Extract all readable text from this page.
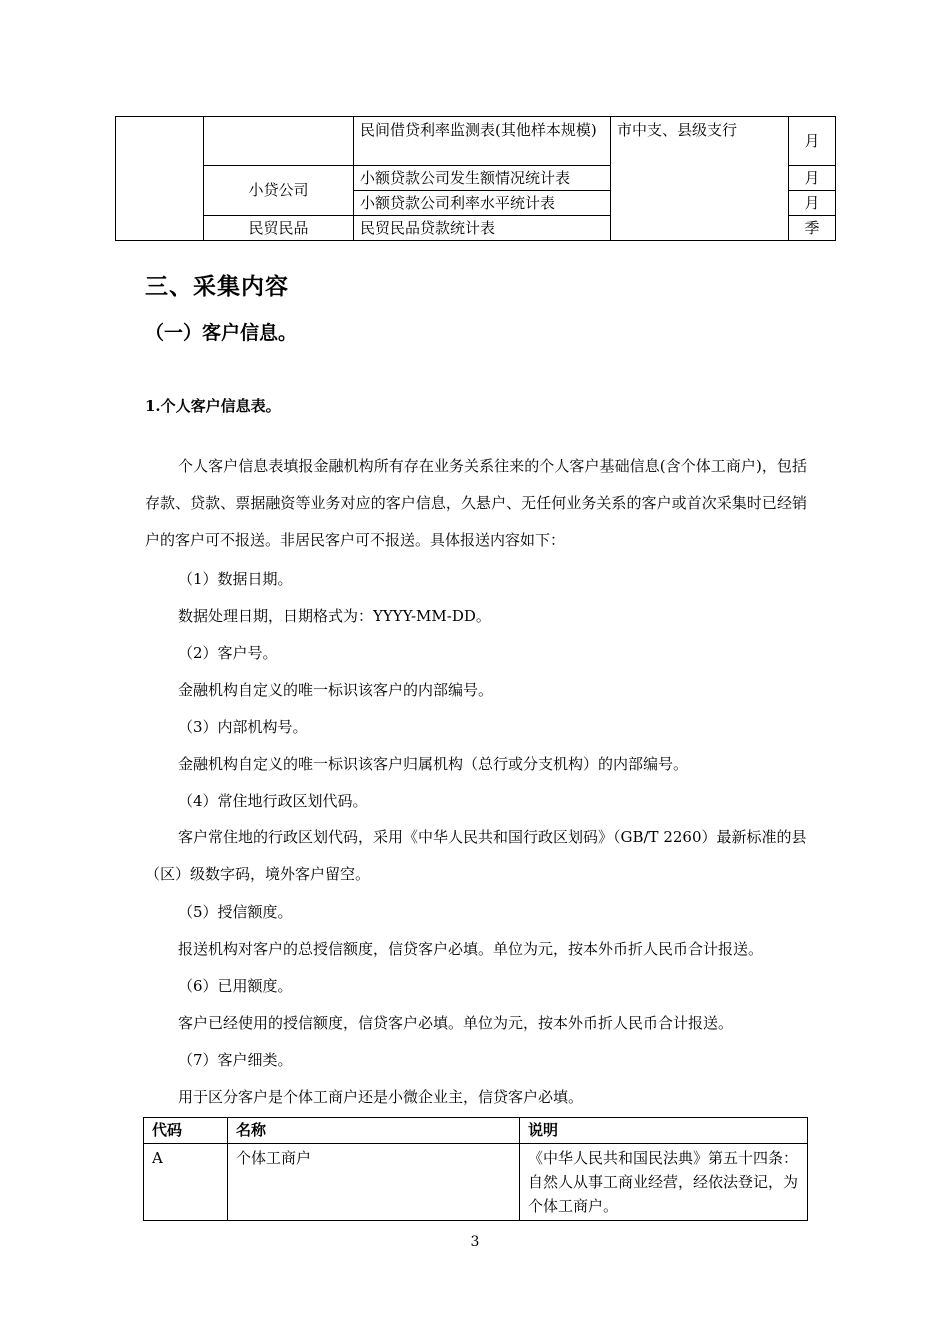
		民间借贷利率监测表(其他样本规模)	市中支、县级支行	月
	小贷公司	小额贷款公司发生额情况统计表		月
		小额贷款公司利率水平统计表		月
	民贸民品	民贸民品贷款统计表		季
三、采集内容
（一）客户信息。
1.个人客户信息表。
个人客户信息表填报金融机构所有存在业务关系往来的个人客户基础信息(含个体工商户)，包括存款、贷款、票据融资等业务对应的客户信息，久悬户、无任何业务关系的客户或首次采集时已经销户的客户可不报送。非居民客户可不报送。具体报送内容如下：
（1）数据日期。
数据处理日期，日期格式为：YYYY-MM-DD。
（2）客户号。
金融机构自定义的唯一标识该客户的内部编号。
（3）内部机构号。
金融机构自定义的唯一标识该客户归属机构（总行或分支机构）的内部编号。
（4）常住地行政区划代码。
客户常住地的行政区划代码，采用《中华人民共和国行政区划码》（GB/T 2260）最新标准的县（区）级数字码，境外客户留空。
（5）授信额度。
报送机构对客户的总授信额度，信贷客户必填。单位为元，按本外币折人民币合计报送。
（6）已用额度。
客户已经使用的授信额度，信贷客户必填。单位为元，按本外币折人民币合计报送。
（7）客户细类。
用于区分客户是个体工商户还是小微企业主，信贷客户必填。
代码	名称	说明
A	个体工商户	《中华人民共和国民法典》第五十四条：自然人从事工商业经营，经依法登记，为个体工商户。
3
